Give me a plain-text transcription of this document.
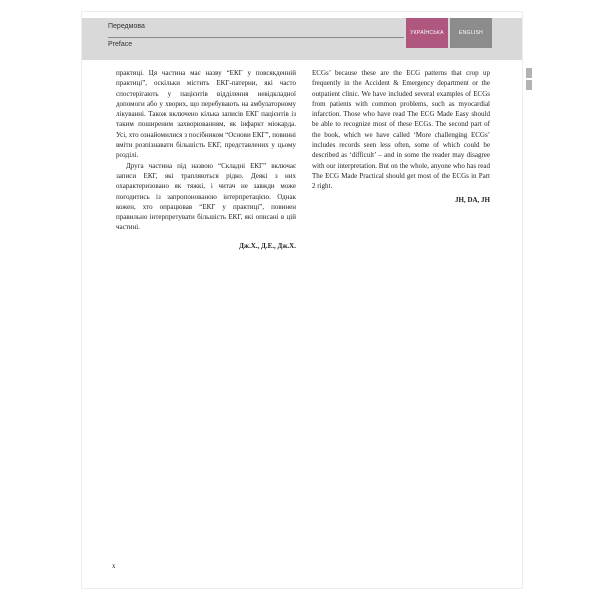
Передмова
Preface
УКРАЇНСЬКА	ENGLISH

практиці. Ця частина має назву “ЕКГ у повсякденній практиці”, оскільки містить ЕКГ-патерни, які часто спостерігають у пацієнтів відділення невідкладної допомоги або у хворих, що перебувають на амбулаторному лікуванні. Також включено кілька записів ЕКГ пацієнтів із таким поширеним захворюванням, як інфаркт міокарда. Усі, хто ознайомилися з посібником “Основи ЕКГ”, повинні вміти розпізнавати більшість ЕКГ, представлених у цьому розділі.

Друга частина під назвою “Складні ЕКГ” включає записи ЕКГ, які трапляються рідко. Деякі з них охарактеризовано як тяжкі, і читач не завжди може погодитись із запропонованою інтерпретацією. Однак кожен, хто опрацював “ЕКГ у практиці”, повинен правильно інтерпретувати більшість ЕКГ, які описані в цій частині.

Дж.Х., Д.Е., Дж.Х.

ECGs’ because these are the ECG patterns that crop up frequently in the Accident & Emergency department or the outpatient clinic. We have included several examples of ECGs from patients with common problems, such as myocardial infarction. Those who have read The ECG Made Easy should be able to recognize most of these ECGs. The second part of the book, which we have called ‘More challenging ECGs’ includes records seen less often, some of which could be described as ‘difficult’ – and in some the reader may disagree with our interpretation. But on the whole, anyone who has read The ECG Made Practical should get most of the ECGs in Part 2 right.

JH, DA, JH
x
